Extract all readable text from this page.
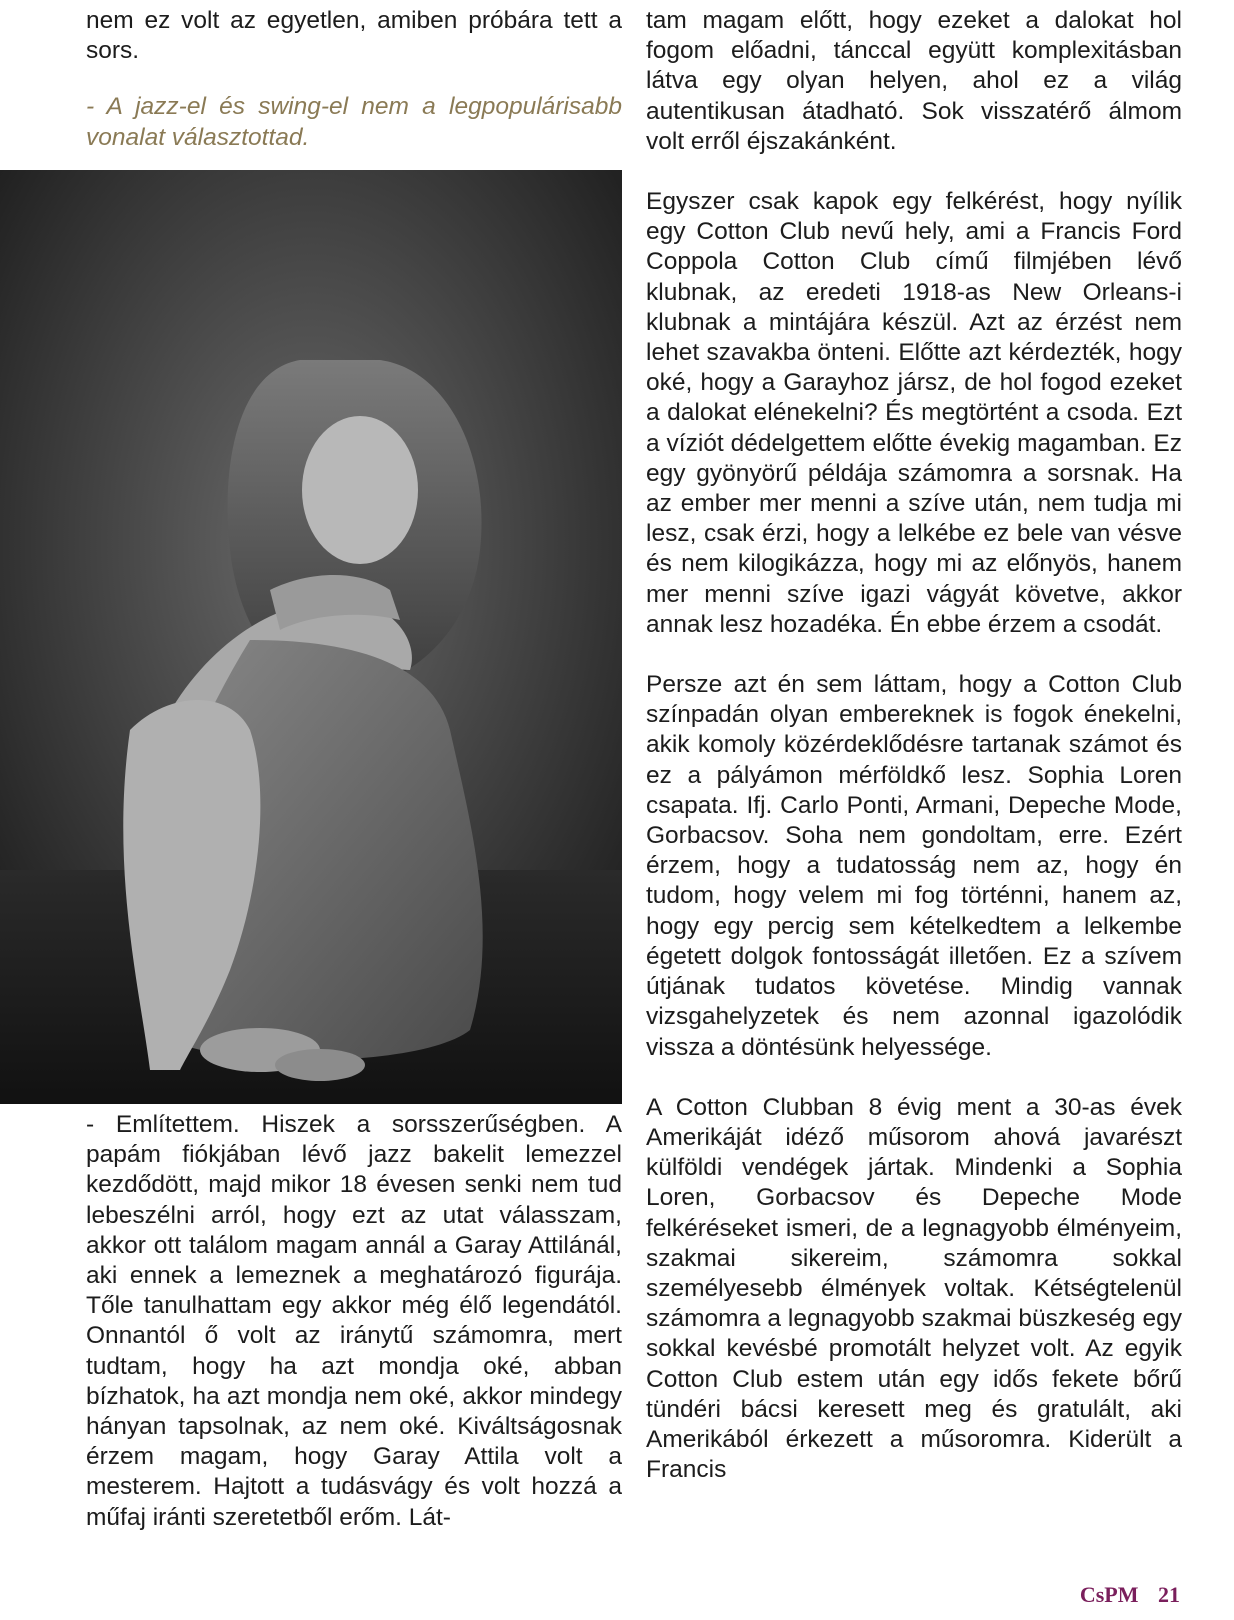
nem ez volt az egyetlen, amiben próbára tett a sors.

- A jazz-el és swing-el nem a legpopulárisabb vonalat választottad.

- Említettem. Hiszek a sorsszerűségben. A papám fiókjában lévő jazz bakelit lemezzel kezdődött, majd mikor 18 évesen senki nem tud lebeszélni arról, hogy ezt az utat válasszam, akkor ott találom magam annál a Garay Attilánál, aki ennek a lemeznek a meghatározó figurája. Tőle tanulhattam egy akkor még élő legendától. Onnantól ő volt az iránytű számomra, mert tudtam, hogy ha azt mondja oké, abban bízhatok, ha azt mondja nem oké, akkor mindegy hányan tapsolnak, az nem oké. Kiváltságosnak érzem magam, hogy Garay Attila volt a mesterem. Hajtott a tudásvágy és volt hozzá a műfaj iránti szeretetből erőm. Lát-

tam magam előtt, hogy ezeket a dalokat hol fogom előadni, tánccal együtt komplexitásban látva egy olyan helyen, ahol ez a világ autentikusan átadható. Sok visszatérő álmom volt erről éjszakánként.

Egyszer csak kapok egy felkérést, hogy nyílik egy Cotton Club nevű hely, ami a Francis Ford Coppola Cotton Club című filmjében lévő klubnak, az eredeti 1918-as New Orleans-i klubnak a mintájára készül. Azt az érzést nem lehet szavakba önteni. Előtte azt kérdezték, hogy oké, hogy a Garayhoz jársz, de hol fogod ezeket a dalokat elénekelni? És megtörtént a csoda. Ezt a víziót dédelgettem előtte évekig magamban. Ez egy gyönyörű példája számomra a sorsnak. Ha az ember mer menni a szíve után, nem tudja mi lesz, csak érzi, hogy a lelkébe ez bele van vésve és nem kilogikázza, hogy mi az előnyös, hanem mer menni szíve igazi vágyát követve, akkor annak lesz hozadéka. Én ebbe érzem a csodát.

Persze azt én sem láttam, hogy a Cotton Club színpadán olyan embereknek is fogok énekelni, akik komoly közérdeklődésre tartanak számot és ez a pályámon mérföldkő lesz. Sophia Loren csapata. Ifj. Carlo Ponti, Armani, Depeche Mode, Gorbacsov. Soha nem gondoltam, erre. Ezért érzem, hogy a tudatosság nem az, hogy én tudom, hogy velem mi fog történni, hanem az, hogy egy percig sem kételkedtem a lelkembe égetett dolgok fontosságát illetően. Ez a szívem útjának tudatos követése. Mindig vannak vizsgahelyzetek és nem azonnal igazolódik vissza a döntésünk helyessége.

A Cotton Clubban 8 évig ment a 30-as évek Amerikáját idéző műsorom ahová javarészt külföldi vendégek jártak. Mindenki a Sophia Loren, Gorbacsov és Depeche Mode felkéréseket ismeri, de a legnagyobb élményeim, szakmai sikereim, számomra sokkal személyesebb élmények voltak. Kétségtelenül számomra a legnagyobb szakmai büszkeség egy sokkal kevésbé promotált helyzet volt. Az egyik Cotton Club estem után egy idős fekete bőrű tündéri bácsi keresett meg és gratulált, aki Amerikából érkezett a műsoromra. Kiderült a Francis

CsPM 21
